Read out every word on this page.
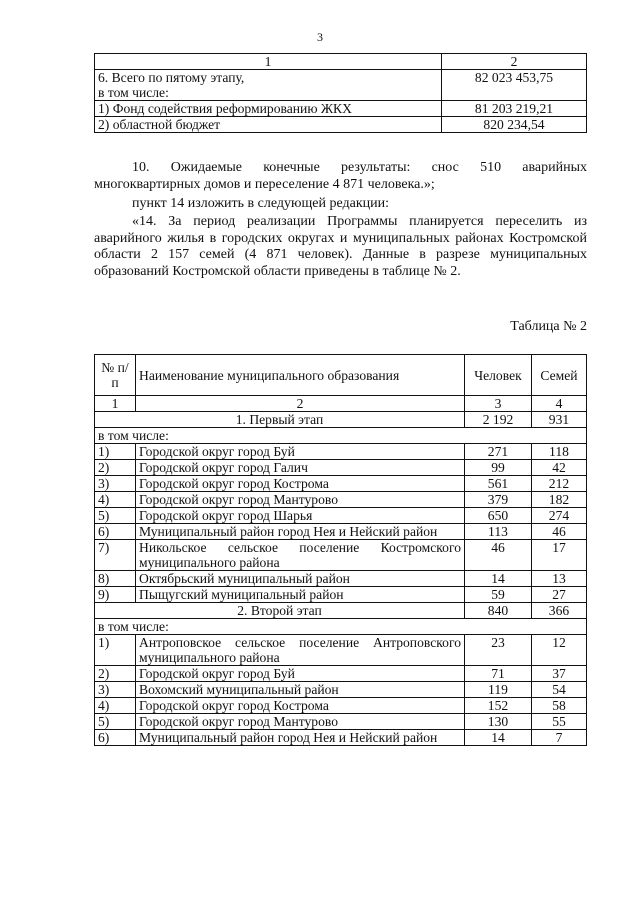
3
1	2

6. Всего по пятому этапу,
в том числе:	82 023 453,75
1) Фонд содействия реформированию ЖКХ	81 203 219,21
2) областной бюджет	820 234,54
10. Ожидаемые конечные результаты: снос 510 аварийных многоквартирных домов и переселение 4 871 человека.»;
пункт 14 изложить в следующей редакции:
«14. За период реализации Программы планируется переселить из аварийного жилья в городских округах и муниципальных районах Костромской области 2 157 семей (4 871 человек). Данные в разрезе муниципальных образований Костромской области приведены в таблице № 2.
Таблица № 2
№ п/п	Наименование муниципального образования	Человек	Семей
1	2	3	4
1. Первый этап		2 192	931
в том числе:			
1)	Городской округ город Буй	271	118
2)	Городской округ город Галич	99	42
3)	Городской округ город Кострома	561	212
4)	Городской округ город Мантурово	379	182
5)	Городской округ город Шарья	650	274
6)	Муниципальный район город Нея и Нейский район	113	46
7)	Никольское сельское поселение Костромского муниципального района	46	17
8)	Октябрьский муниципальный район	14	13
9)	Пыщугский муниципальный район	59	27
2. Второй этап		840	366
в том числе:			
1)	Антроповское сельское поселение Антроповского муниципального района	23	12
2)	Городской округ город Буй	71	37
3)	Вохомский муниципальный район	119	54
4)	Городской округ город Кострома	152	58
5)	Городской округ город Мантурово	130	55
6)	Муниципальный район город Нея и Нейский район	14	7
